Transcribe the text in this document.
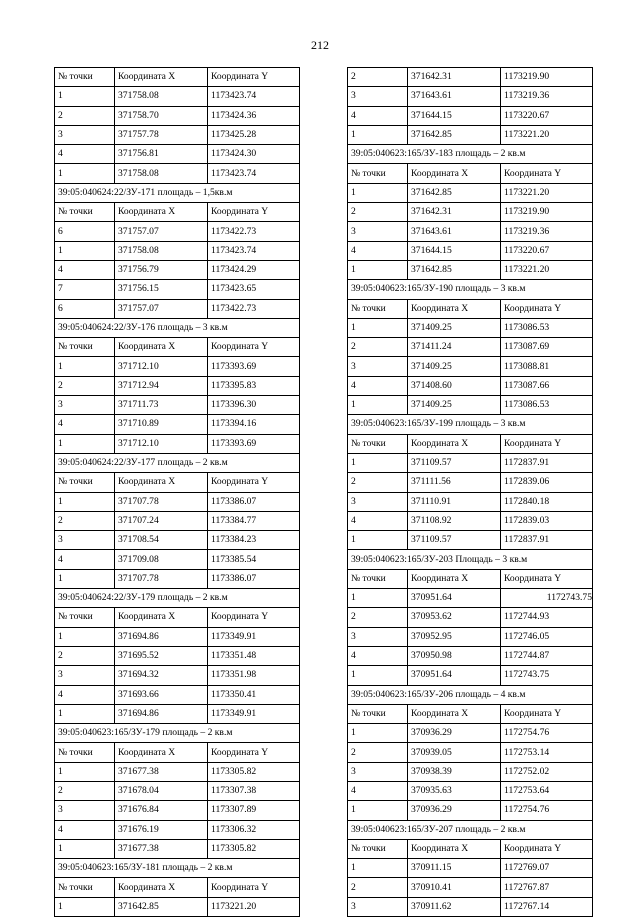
212
№ точки	Координата X	Координата Y
1	371758.08	1173423.74
2	371758.70	1173424.36
3	371757.78	1173425.28
4	371756.81	1173424.30
1	371758.08	1173423.74
39:05:040624:22/ЗУ-171 площадь – 1,5кв.м		
№ точки	Координата X	Координата Y
6	371757.07	1173422.73
1	371758.08	1173423.74
4	371756.79	1173424.29
7	371756.15	1173423.65
6	371757.07	1173422.73
39:05:040624:22/ЗУ-176 площадь – 3 кв.м		
№ точки	Координата X	Координата Y
1	371712.10	1173393.69
2	371712.94	1173395.83
3	371711.73	1173396.30
4	371710.89	1173394.16
1	371712.10	1173393.69
39:05:040624:22/ЗУ-177 площадь – 2 кв.м		
№ точки	Координата X	Координата Y
1	371707.78	1173386.07
2	371707.24	1173384.77
3	371708.54	1173384.23
4	371709.08	1173385.54
1	371707.78	1173386.07
39:05:040624:22/ЗУ-179 площадь – 2 кв.м		
№ точки	Координата X	Координата Y
1	371694.86	1173349.91
2	371695.52	1173351.48
3	371694.32	1173351.98
4	371693.66	1173350.41
1	371694.86	1173349.91
39:05:040623:165/ЗУ-179 площадь – 2 кв.м		
№ точки	Координата X	Координата Y
1	371677.38	1173305.82
2	371678.04	1173307.38
3	371676.84	1173307.89
4	371676.19	1173306.32
1	371677.38	1173305.82
39:05:040623:165/ЗУ-181 площадь – 2 кв.м		
№ точки	Координата X	Координата Y
1	371642.85	1173221.20
2	371642.31	1173219.90
3	371643.61	1173219.36
4	371644.15	1173220.67
1	371642.85	1173221.20
39:05:040623:165/ЗУ-183 площадь – 2 кв.м		
№ точки	Координата X	Координата Y
1	371642.85	1173221.20
2	371642.31	1173219.90
3	371643.61	1173219.36
4	371644.15	1173220.67
1	371642.85	1173221.20
39:05:040623:165/ЗУ-190 площадь – 3 кв.м		
№ точки	Координата X	Координата Y
1	371409.25	1173086.53
2	371411.24	1173087.69
3	371409.25	1173088.81
4	371408.60	1173087.66
1	371409.25	1173086.53
39:05:040623:165/ЗУ-199 площадь – 3 кв.м		
№ точки	Координата X	Координата Y
1	371109.57	1172837.91
2	371111.56	1172839.06
3	371110.91	1172840.18
4	371108.92	1172839.03
1	371109.57	1172837.91
39:05:040623:165/ЗУ-203 Площадь – 3 кв.м		
№ точки	Координата X	Координата Y
1	370951.64	1172743.75
2	370953.62	1172744.93
3	370952.95	1172746.05
4	370950.98	1172744.87
1	370951.64	1172743.75
39:05:040623:165/ЗУ-206 площадь – 4 кв.м		
№ точки	Координата X	Координата Y
1	370936.29	1172754.76
2	370939.05	1172753.14
3	370938.39	1172752.02
4	370935.63	1172753.64
1	370936.29	1172754.76
39:05:040623:165/ЗУ-207 площадь – 2 кв.м		
№ точки	Координата X	Координата Y
1	370911.15	1172769.07
2	370910.41	1172767.87
3	370911.62	1172767.14
